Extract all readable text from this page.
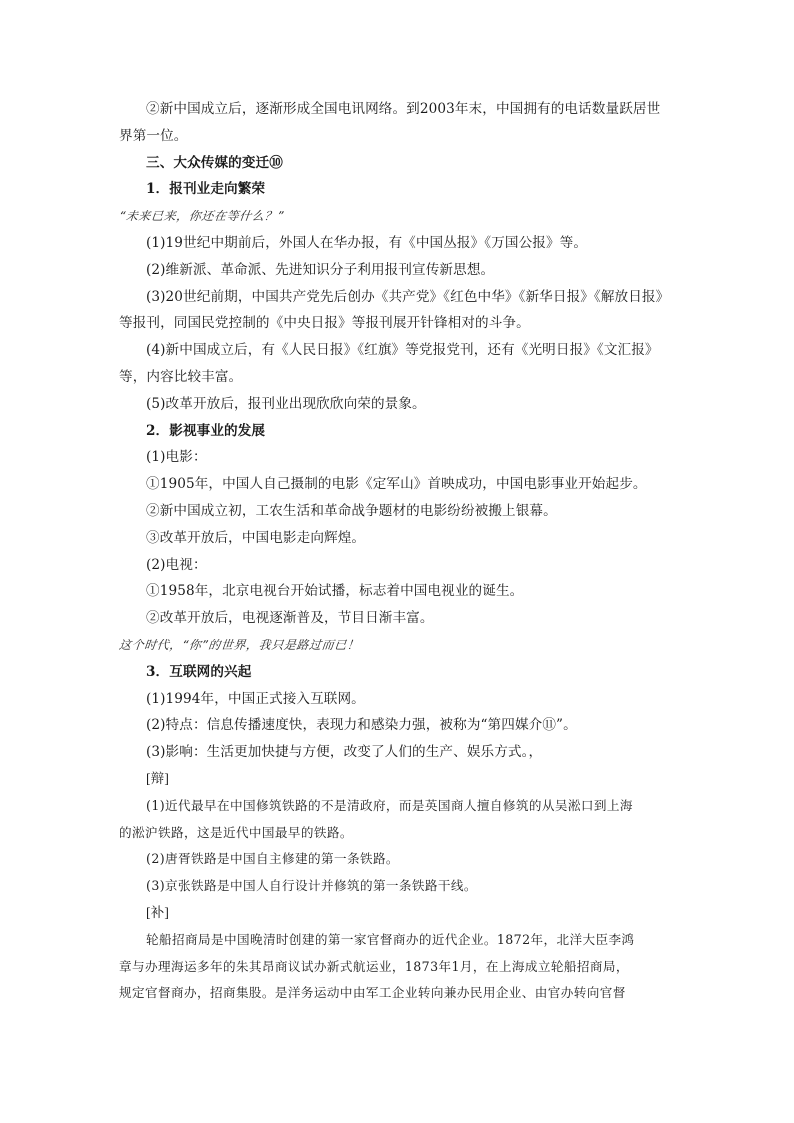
②新中国成立后，逐渐形成全国电讯网络。到2003年末，中国拥有的电话数量跃居世
界第一位。
三、大众传媒的变迁⑩
1．报刊业走向繁荣
“未来已来，你还在等什么？”
(1)19世纪中期前后，外国人在华办报，有《中国丛报》《万国公报》等。
(2)维新派、革命派、先进知识分子利用报刊宣传新思想。
(3)20世纪前期，中国共产党先后创办《共产党》《红色中华》《新华日报》《解放日报》
等报刊，同国民党控制的《中央日报》等报刊展开针锋相对的斗争。
(4)新中国成立后，有《人民日报》《红旗》等党报党刊，还有《光明日报》《文汇报》
等，内容比较丰富。
(5)改革开放后，报刊业出现欣欣向荣的景象。
2．影视事业的发展
(1)电影：
①1905年，中国人自己摄制的电影《定军山》首映成功，中国电影事业开始起步。
②新中国成立初，工农生活和革命战争题材的电影纷纷被搬上银幕。
③改革开放后，中国电影走向辉煌。
(2)电视：
①1958年，北京电视台开始试播，标志着中国电视业的诞生。
②改革开放后，电视逐渐普及，节目日渐丰富。
这个时代，“你”的世界，我只是路过而已！
3．互联网的兴起
(1)1994年，中国正式接入互联网。
(2)特点：信息传播速度快，表现力和感染力强，被称为“第四媒介⑪”。
(3)影响：生活更加快捷与方便，改变了人们的生产、娱乐方式。，
[辩]
(1)近代最早在中国修筑铁路的不是清政府，而是英国商人擅自修筑的从吴淞口到上海
的淞沪铁路，这是近代中国最早的铁路。
(2)唐胥铁路是中国自主修建的第一条铁路。
(3)京张铁路是中国人自行设计并修筑的第一条铁路干线。
[补]
轮船招商局是中国晚清时创建的第一家官督商办的近代企业。1872年，北洋大臣李鸿
章与办理海运多年的朱其昂商议试办新式航运业，1873年1月，在上海成立轮船招商局，
规定官督商办，招商集股。是洋务运动中由军工企业转向兼办民用企业、由官办转向官督
